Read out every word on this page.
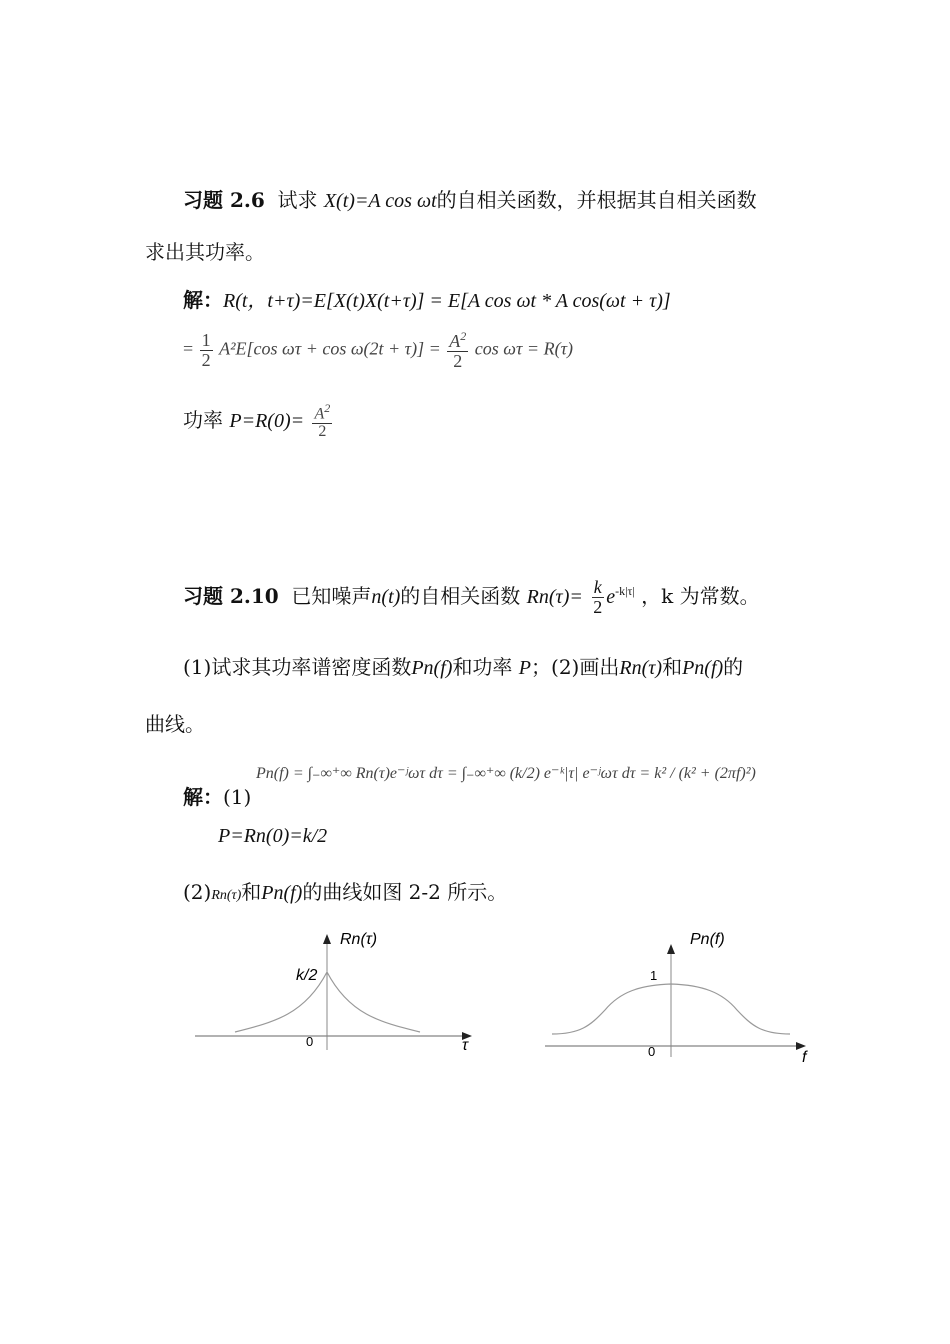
习题 2.6 试求 X(t)=A cos ωt的自相关函数，并根据其自相关函数
求出其功率。
解：R(t，t+τ)=E[X(t)X(t+τ)] = E[A cos ωt * A cos(ωt + τ)]
= $\frac{1}{2} A^2E[\cos$ $\omega\tau + \cos \omega(2t + \tau)] = \frac{A^2}{2}$ cos ωτ = R(τ)
功率 $P=R(0)= \frac{A^2}{2}$
习题 2.10 已知噪声n(t)的自相关函数 $Rn(\tau)= \frac{k}{2} e^{-k|\tau|}$ ，k 为常数。
(1)试求其功率谱密度函数Pn(f)和功率 P；(2)画出Rn(τ)和Pn(f)的
曲线。
Pn(f) = ∫₋∞⁺∞ Rn(τ)e⁻ʲωτ dτ = ∫₋∞⁺∞ (k/2) e⁻ᵏ|τ| e⁻ʲωτ dτ = k² / (k² + (2πf)²)
解：(1)
P=Rn(0)=k/2
(2)Rn(τ)和Pn(f)的曲线如图 2-2 所示。
Rn(τ)
k/2
0	τ
Pn(f)
1
0	f
